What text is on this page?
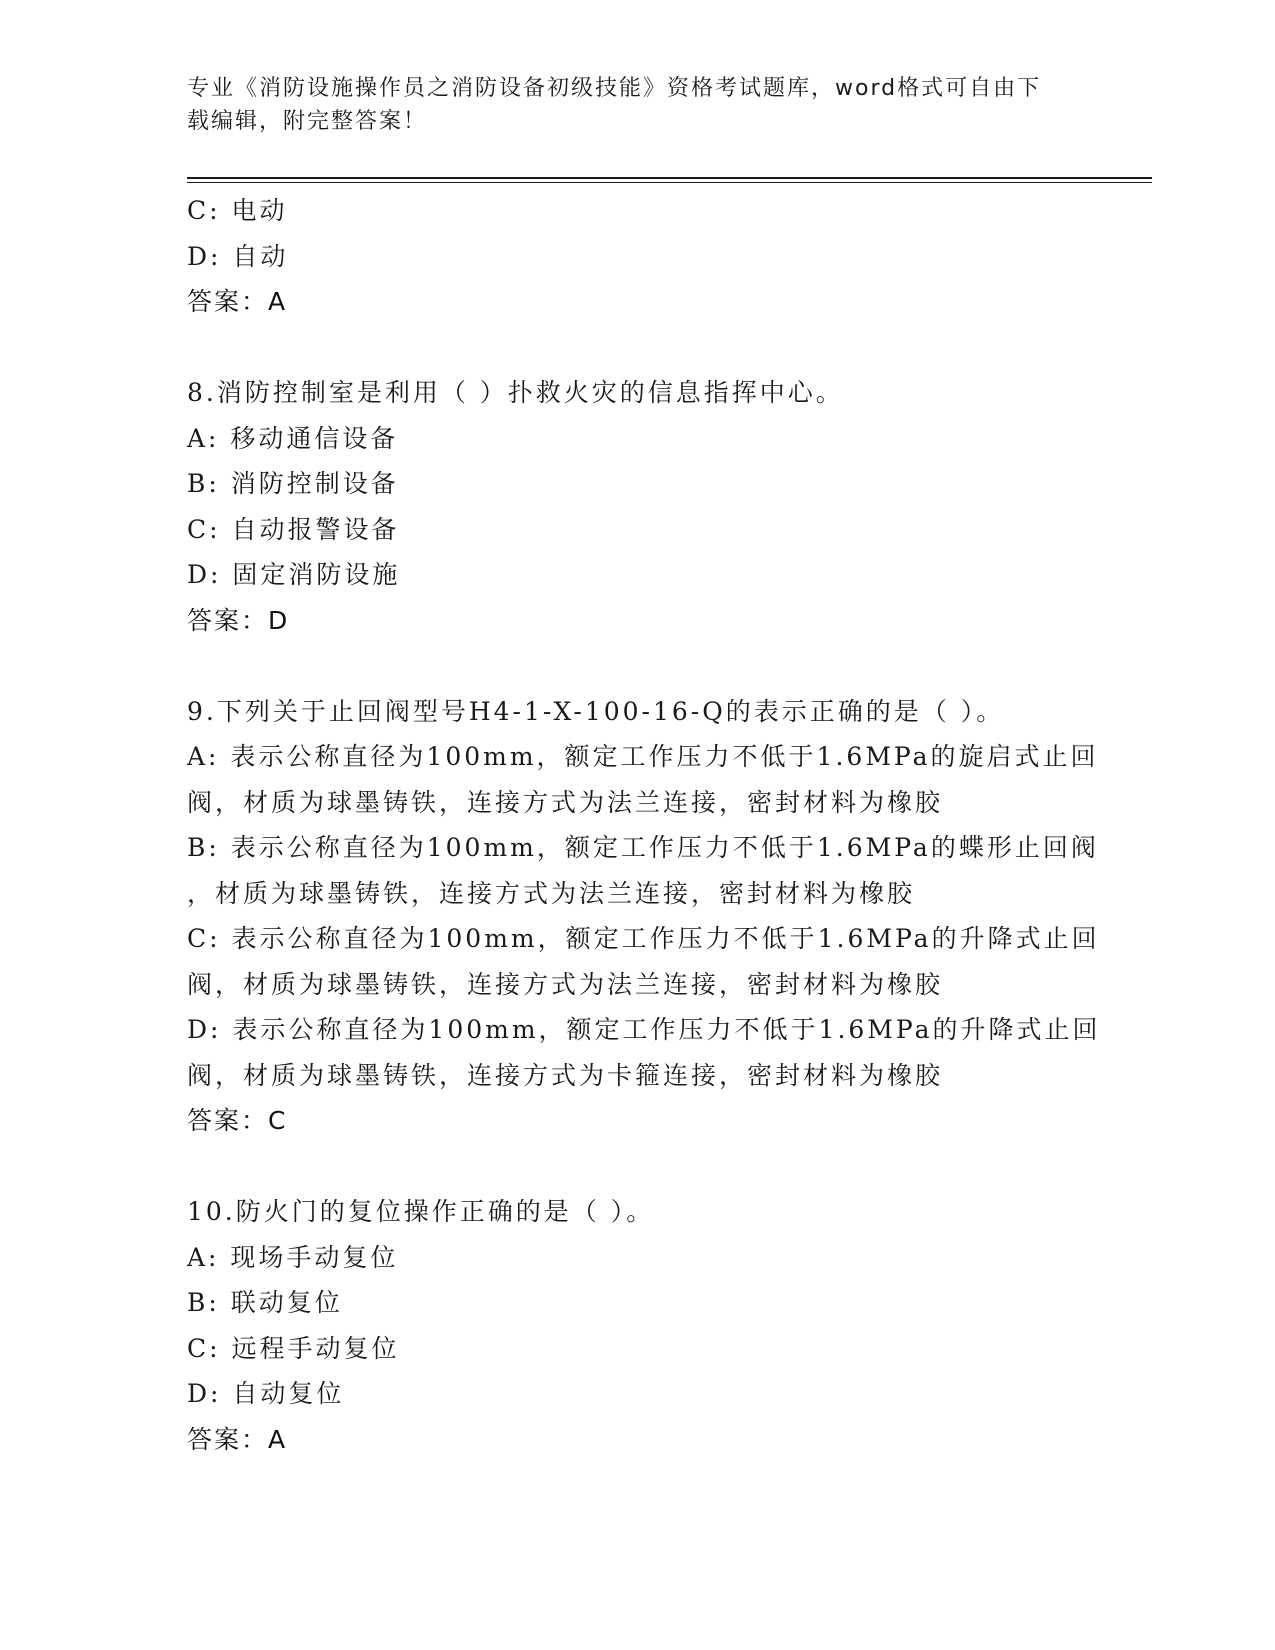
专业《消防设施操作员之消防设备初级技能》资格考试题库，word格式可自由下
载编辑，附完整答案！
C: 电动
D: 自动
答案：A
8.消防控制室是利用（ ）扑救火灾的信息指挥中心。
A: 移动通信设备
B: 消防控制设备
C: 自动报警设备
D: 固定消防设施
答案：D
9.下列关于止回阀型号H4-1-X-100-16-Q的表示正确的是（ ）。
A: 表示公称直径为100mm，额定工作压力不低于1.6MPa的旋启式止回
阀，材质为球墨铸铁，连接方式为法兰连接，密封材料为橡胶
B: 表示公称直径为100mm，额定工作压力不低于1.6MPa的蝶形止回阀
，材质为球墨铸铁，连接方式为法兰连接，密封材料为橡胶
C: 表示公称直径为100mm，额定工作压力不低于1.6MPa的升降式止回
阀，材质为球墨铸铁，连接方式为法兰连接，密封材料为橡胶
D: 表示公称直径为100mm，额定工作压力不低于1.6MPa的升降式止回
阀，材质为球墨铸铁，连接方式为卡箍连接，密封材料为橡胶
答案：C
10.防火门的复位操作正确的是（ ）。
A: 现场手动复位
B: 联动复位
C: 远程手动复位
D: 自动复位
答案：A
